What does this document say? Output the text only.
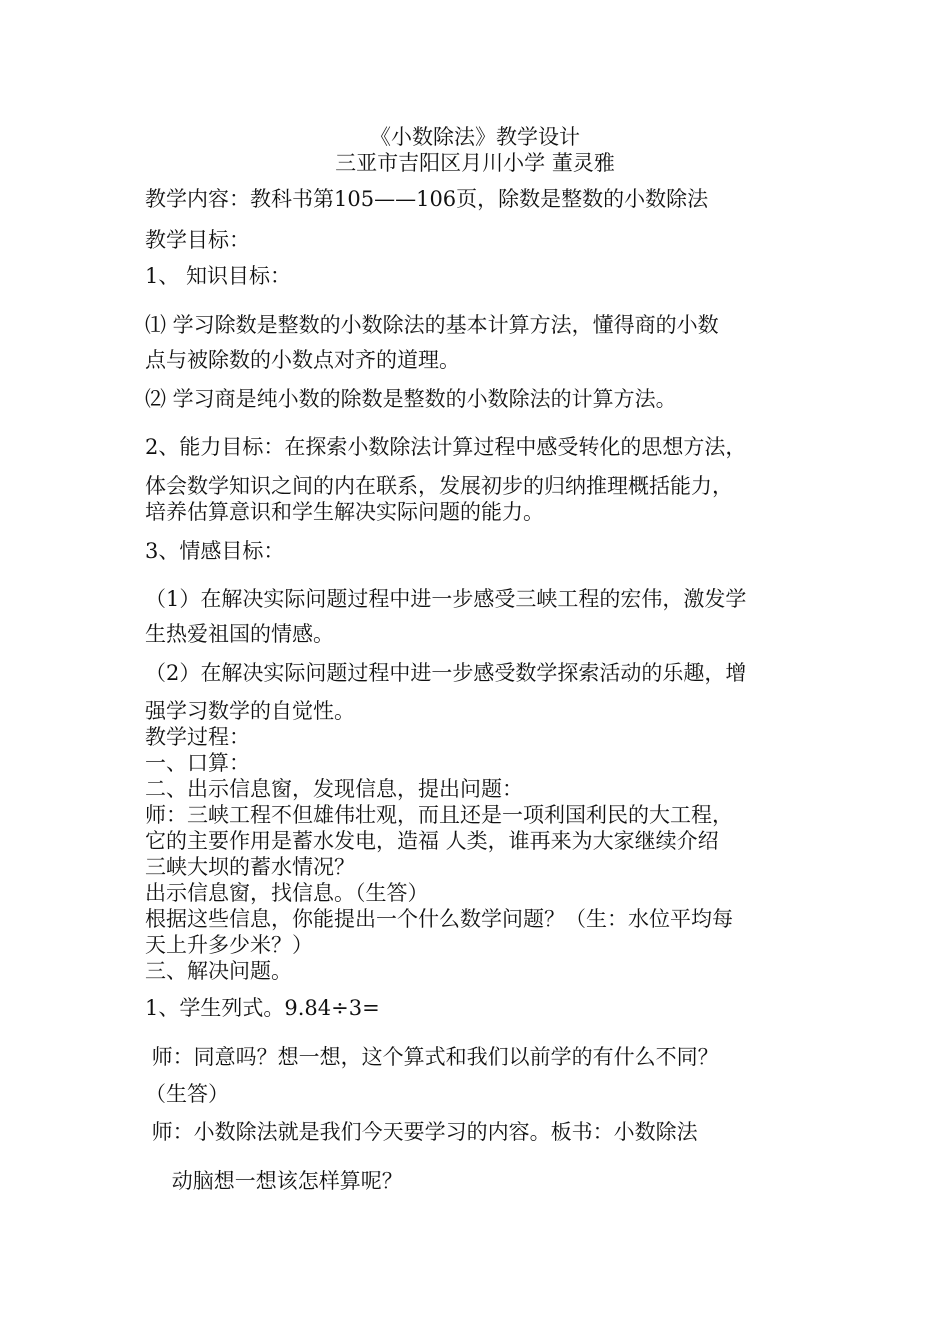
《小数除法》教学设计

三亚市吉阳区月川小学 董灵雅

教学内容：教科书第105——106页，除数是整数的小数除法

教学目标：

1、 知识目标：

⑴ 学习除数是整数的小数除法的基本计算方法，懂得商的小数

点与被除数的小数点对齐的道理。

⑵ 学习商是纯小数的除数是整数的小数除法的计算方法。

2、能力目标：在探索小数除法计算过程中感受转化的思想方法，

体会数学知识之间的内在联系，发展初步的归纳推理概括能力，

培养估算意识和学生解决实际问题的能力。

3、情感目标：

（1）在解决实际问题过程中进一步感受三峡工程的宏伟，激发学

生热爱祖国的情感。

（2）在解决实际问题过程中进一步感受数学探索活动的乐趣，增

强学习数学的自觉性。

教学过程：

一、口算：

二、出示信息窗，发现信息，提出问题：

师：三峡工程不但雄伟壮观，而且还是一项利国利民的大工程，

它的主要作用是蓄水发电，造福 人类，谁再来为大家继续介绍

三峡大坝的蓄水情况？

出示信息窗，找信息。（生答）

根据这些信息，你能提出一个什么数学问题？（生：水位平均每

天上升多少米？）

三、解决问题。

1、学生列式。9.84÷3=

师：同意吗？想一想，这个算式和我们以前学的有什么不同？

（生答）

师：小数除法就是我们今天要学习的内容。板书：小数除法

动脑想一想该怎样算呢？
